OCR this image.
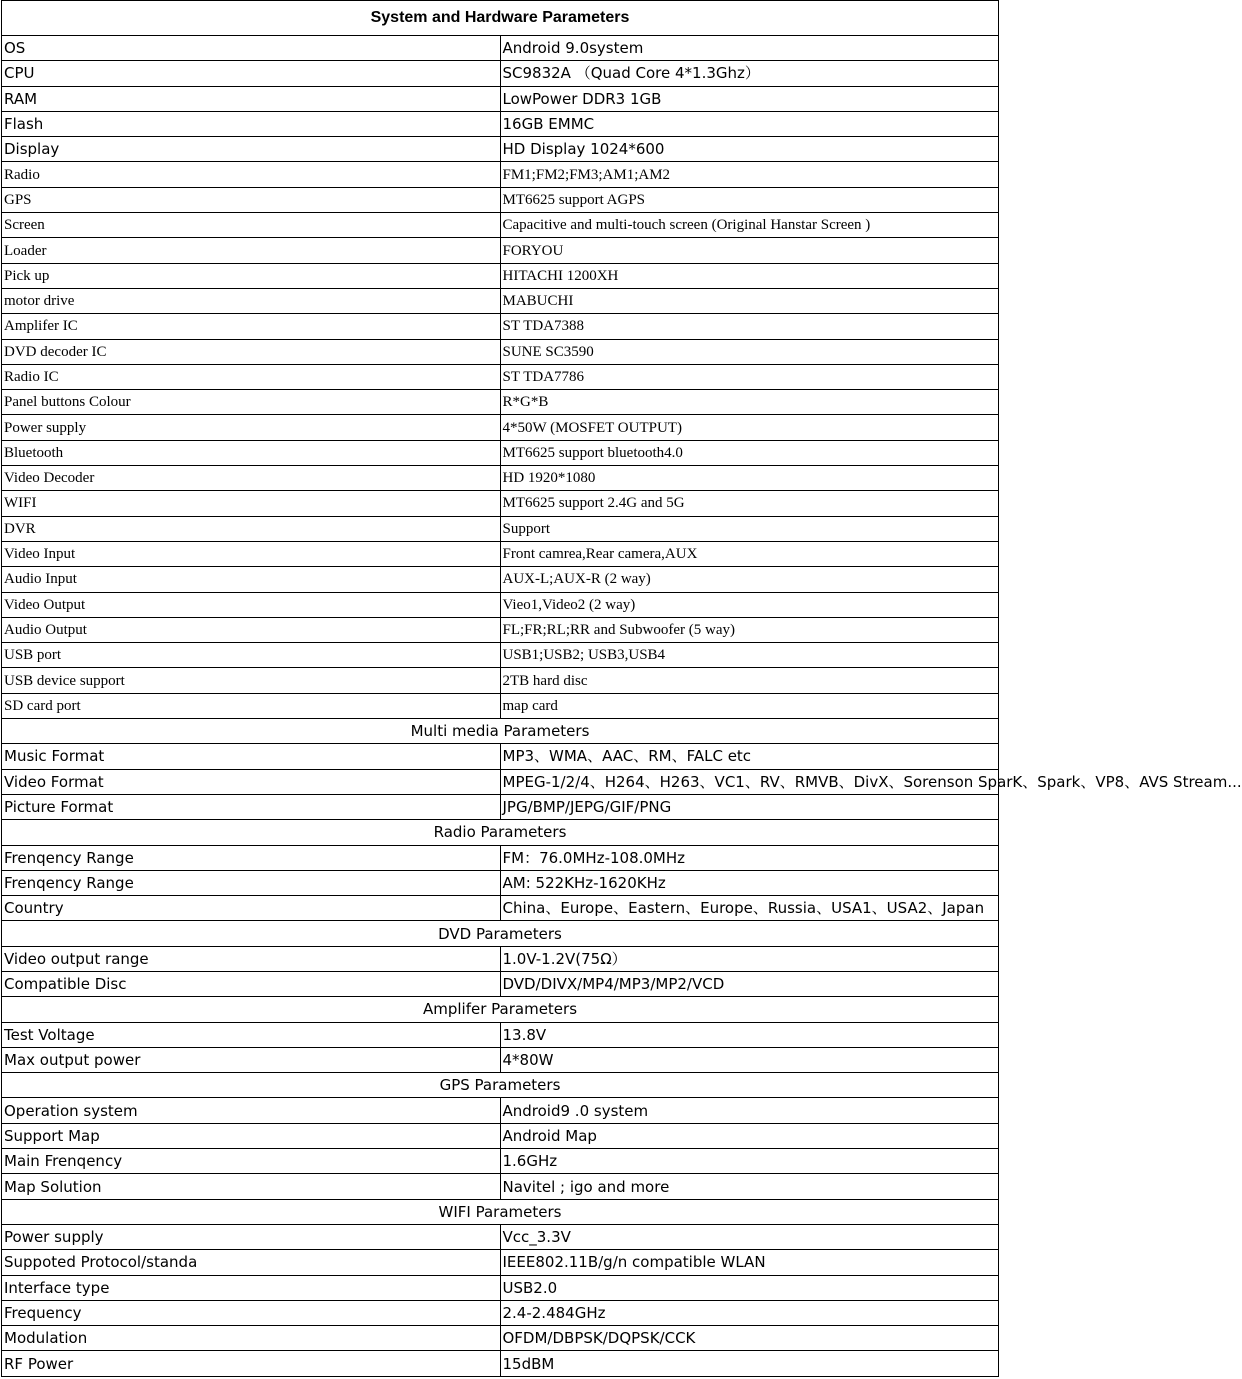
System and Hardware Parameters	
OS	Android 9.0system
CPU	SC9832A （Quad Core 4*1.3Ghz）
RAM	LowPower DDR3 1GB
Flash	16GB EMMC
Display	HD Display 1024*600
Radio	FM1;FM2;FM3;AM1;AM2
GPS	MT6625 support AGPS
Screen	Capacitive and multi-touch screen (Original Hanstar Screen )
Loader	FORYOU
Pick up	HITACHI 1200XH
motor drive	MABUCHI
Amplifer IC	ST TDA7388
DVD decoder IC	SUNE SC3590
Radio IC	ST TDA7786
Panel buttons Colour	R*G*B
Power supply	4*50W (MOSFET OUTPUT)
Bluetooth	MT6625 support bluetooth4.0
Video Decoder	HD 1920*1080
WIFI	MT6625 support 2.4G and 5G
DVR	Support
Video Input	Front camrea,Rear camera,AUX
Audio Input	AUX-L;AUX-R (2 way)
Video Output	Vieo1,Video2 (2 way)
Audio Output	FL;FR;RL;RR and Subwoofer (5 way)
USB port	USB1;USB2; USB3,USB4
USB device support	2TB hard disc
SD card port	map card
Multi media Parameters	
Music Format	MP3、WMA、AAC、RM、FALC etc
Video Format	MPEG-1/2/4、H264、H263、VC1、RV、RMVB、DivX、Sorenson SparK、Spark、VP8、AVS Stream...
Picture Format	JPG/BMP/JEPG/GIF/PNG
Radio Parameters	
Frenqency Range	FM：76.0MHz-108.0MHz
Frenqency Range	AM: 522KHz-1620KHz
Country	China、Europe、Eastern、Europe、Russia、USA1、USA2、Japan
DVD Parameters	
Video output range	1.0V-1.2V(75Ω）
Compatible Disc	DVD/DIVX/MP4/MP3/MP2/VCD
Amplifer Parameters	
Test Voltage	13.8V
Max output power	4*80W
GPS Parameters	
Operation system	Android9 .0 system
Support Map	Android Map
Main Frenqency	1.6GHz
Map Solution	Navitel ; igo and more
WIFI Parameters	
Power supply	Vcc_3.3V
Suppoted Protocol/standa	IEEE802.11B/g/n compatible WLAN
Interface type	USB2.0
Frequency	2.4-2.484GHz
Modulation	OFDM/DBPSK/DQPSK/CCK
RF Power	15dBM
